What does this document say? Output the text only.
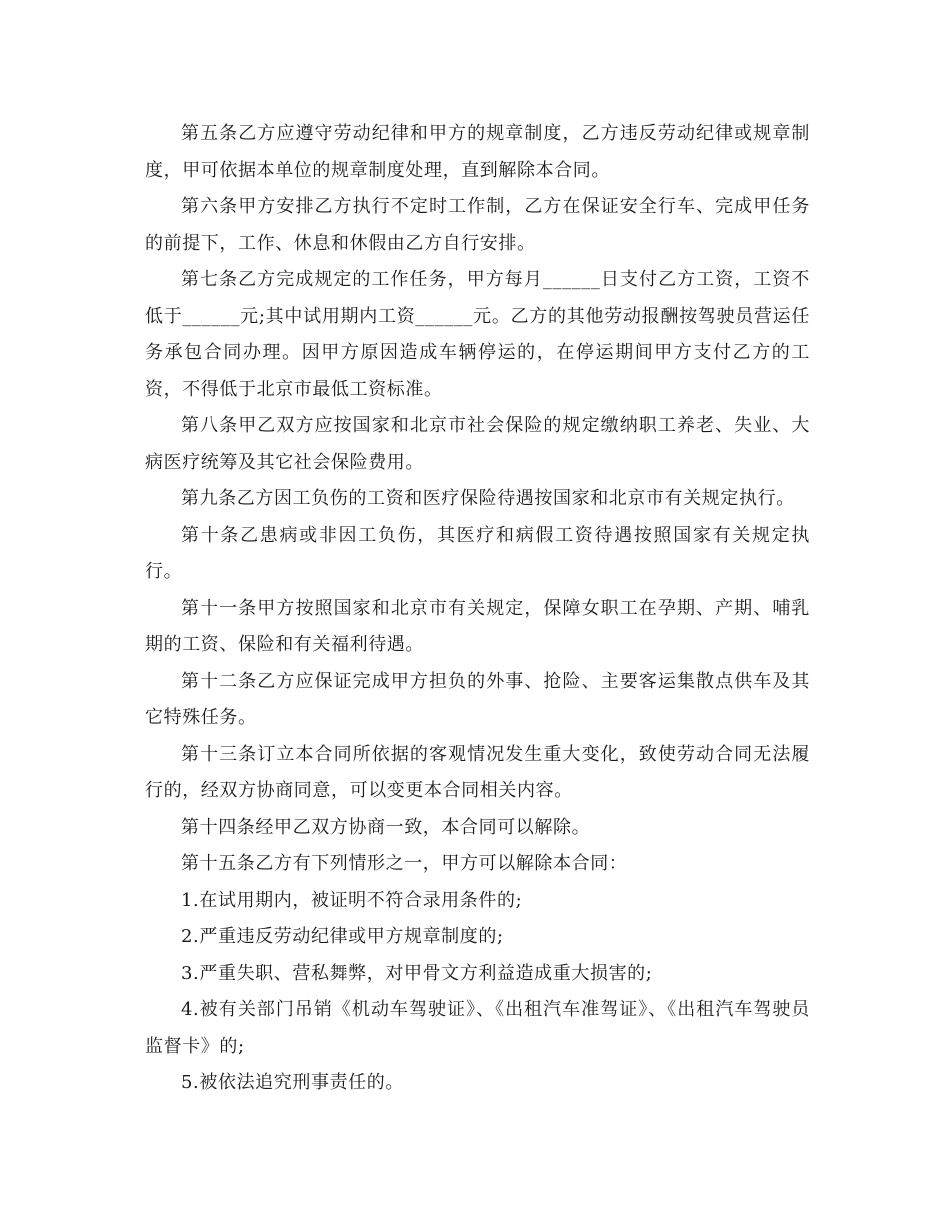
第五条乙方应遵守劳动纪律和甲方的规章制度，乙方违反劳动纪律或规章制度，甲可依据本单位的规章制度处理，直到解除本合同。

第六条甲方安排乙方执行不定时工作制，乙方在保证安全行车、完成甲任务的前提下，工作、休息和休假由乙方自行安排。

第七条乙方完成规定的工作任务，甲方每月______日支付乙方工资，工资不低于______元;其中试用期内工资______元。乙方的其他劳动报酬按驾驶员营运任务承包合同办理。因甲方原因造成车辆停运的，在停运期间甲方支付乙方的工资，不得低于北京市最低工资标准。

第八条甲乙双方应按国家和北京市社会保险的规定缴纳职工养老、失业、大病医疗统筹及其它社会保险费用。

第九条乙方因工负伤的工资和医疗保险待遇按国家和北京市有关规定执行。

第十条乙患病或非因工负伤，其医疗和病假工资待遇按照国家有关规定执行。

第十一条甲方按照国家和北京市有关规定，保障女职工在孕期、产期、哺乳期的工资、保险和有关福利待遇。

第十二条乙方应保证完成甲方担负的外事、抢险、主要客运集散点供车及其它特殊任务。

第十三条订立本合同所依据的客观情况发生重大变化，致使劳动合同无法履行的，经双方协商同意，可以变更本合同相关内容。

第十四条经甲乙双方协商一致，本合同可以解除。

第十五条乙方有下列情形之一，甲方可以解除本合同：

1.在试用期内，被证明不符合录用条件的;

2.严重违反劳动纪律或甲方规章制度的;

3.严重失职、营私舞弊，对甲骨文方利益造成重大损害的;

4.被有关部门吊销《机动车驾驶证》、《出租汽车准驾证》、《出租汽车驾驶员监督卡》的;

5.被依法追究刑事责任的。
